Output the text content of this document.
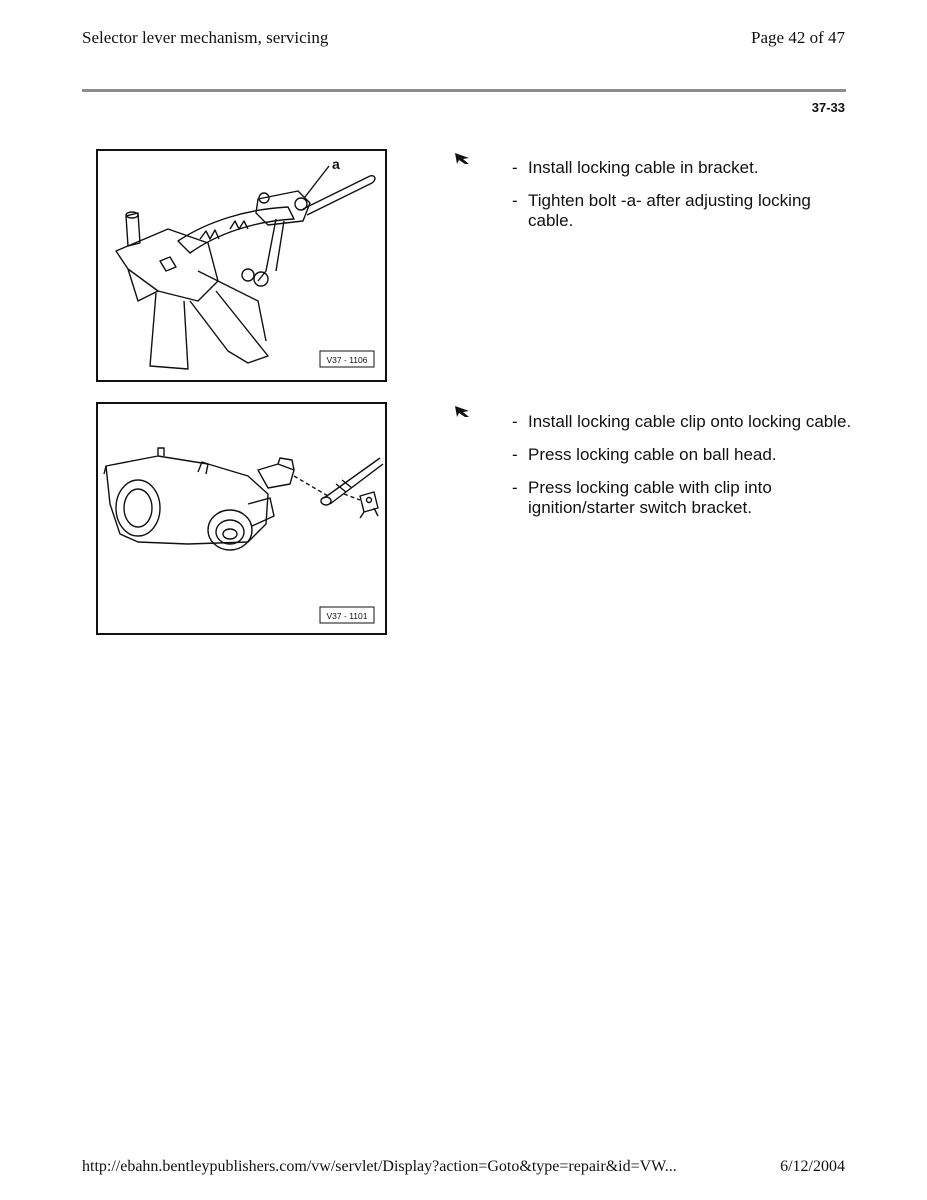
Selector lever mechanism, servicing	Page 42 of 47
37-33
a
V37 - 1106
- Install locking cable in bracket.
- Tighten bolt -a- after adjusting locking cable.
V37 - 1101
- Install locking cable clip onto locking cable.
- Press locking cable on ball head.
- Press locking cable with clip into ignition/starter switch bracket.
http://ebahn.bentleypublishers.com/vw/servlet/Display?action=Goto&type=repair&id=VW...	6/12/2004
